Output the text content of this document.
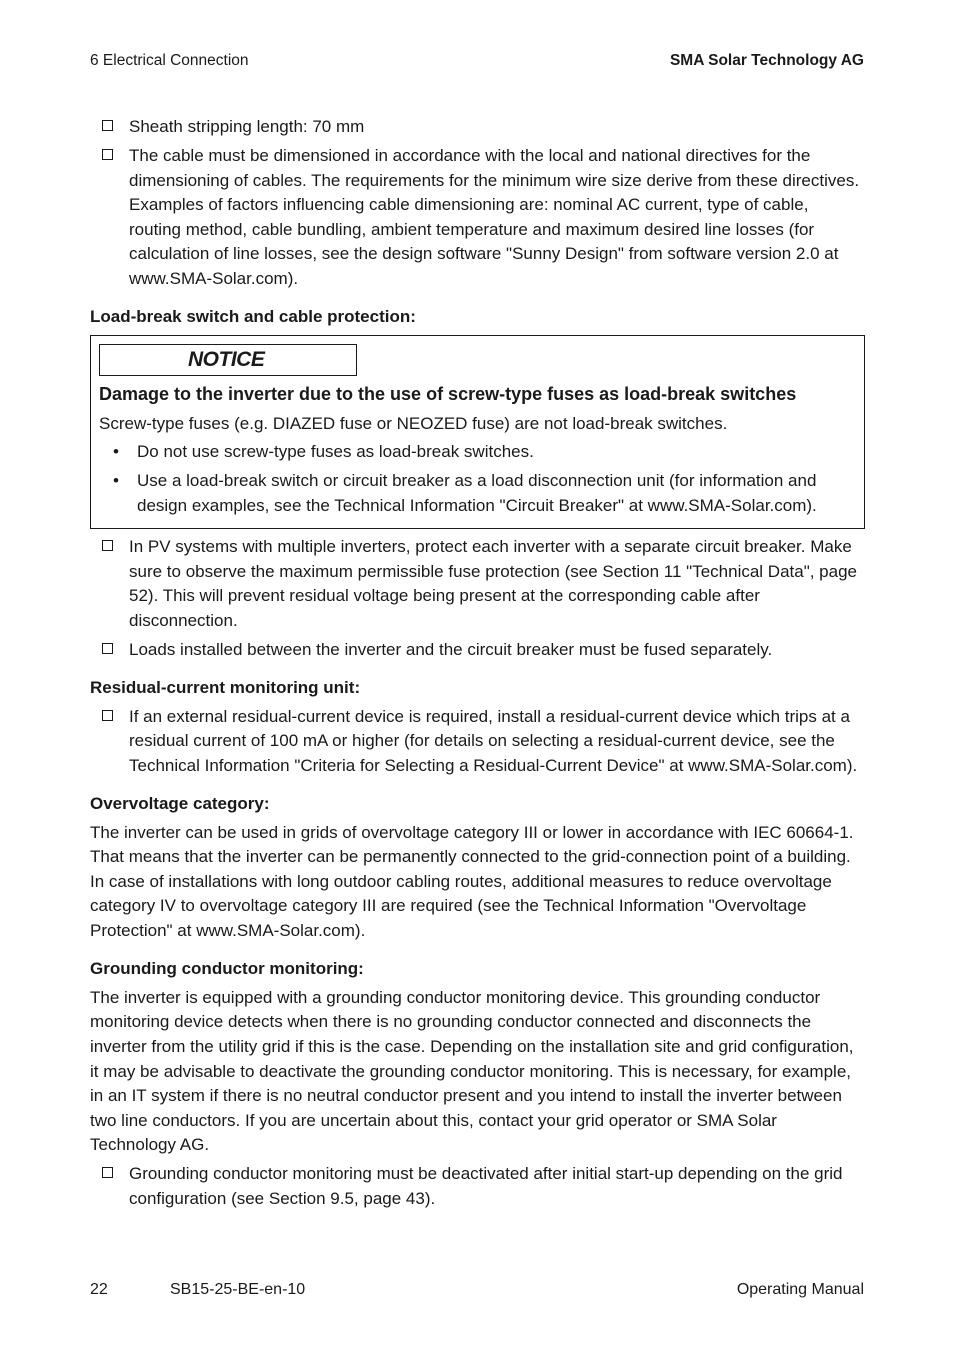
6 Electrical Connection	SMA Solar Technology AG
Sheath stripping length: 70 mm
The cable must be dimensioned in accordance with the local and national directives for the dimensioning of cables. The requirements for the minimum wire size derive from these directives. Examples of factors influencing cable dimensioning are: nominal AC current, type of cable, routing method, cable bundling, ambient temperature and maximum desired line losses (for calculation of line losses, see the design software "Sunny Design" from software version 2.0 at www.SMA-Solar.com).
Load-break switch and cable protection:
NOTICE
Damage to the inverter due to the use of screw-type fuses as load-break switches
Screw-type fuses (e.g. DIAZED fuse or NEOZED fuse) are not load-break switches.
• Do not use screw-type fuses as load-break switches.
• Use a load-break switch or circuit breaker as a load disconnection unit (for information and design examples, see the Technical Information "Circuit Breaker" at www.SMA-Solar.com).
In PV systems with multiple inverters, protect each inverter with a separate circuit breaker. Make sure to observe the maximum permissible fuse protection (see Section 11 "Technical Data", page 52). This will prevent residual voltage being present at the corresponding cable after disconnection.
Loads installed between the inverter and the circuit breaker must be fused separately.
Residual-current monitoring unit:
If an external residual-current device is required, install a residual-current device which trips at a residual current of 100 mA or higher (for details on selecting a residual-current device, see the Technical Information "Criteria for Selecting a Residual-Current Device" at www.SMA-Solar.com).
Overvoltage category:
The inverter can be used in grids of overvoltage category III or lower in accordance with IEC 60664-1. That means that the inverter can be permanently connected to the grid-connection point of a building. In case of installations with long outdoor cabling routes, additional measures to reduce overvoltage category IV to overvoltage category III are required (see the Technical Information "Overvoltage Protection" at www.SMA-Solar.com).
Grounding conductor monitoring:
The inverter is equipped with a grounding conductor monitoring device. This grounding conductor monitoring device detects when there is no grounding conductor connected and disconnects the inverter from the utility grid if this is the case. Depending on the installation site and grid configuration, it may be advisable to deactivate the grounding conductor monitoring. This is necessary, for example, in an IT system if there is no neutral conductor present and you intend to install the inverter between two line conductors. If you are uncertain about this, contact your grid operator or SMA Solar Technology AG.
Grounding conductor monitoring must be deactivated after initial start-up depending on the grid configuration (see Section 9.5, page 43).
22	SB15-25-BE-en-10	Operating Manual
